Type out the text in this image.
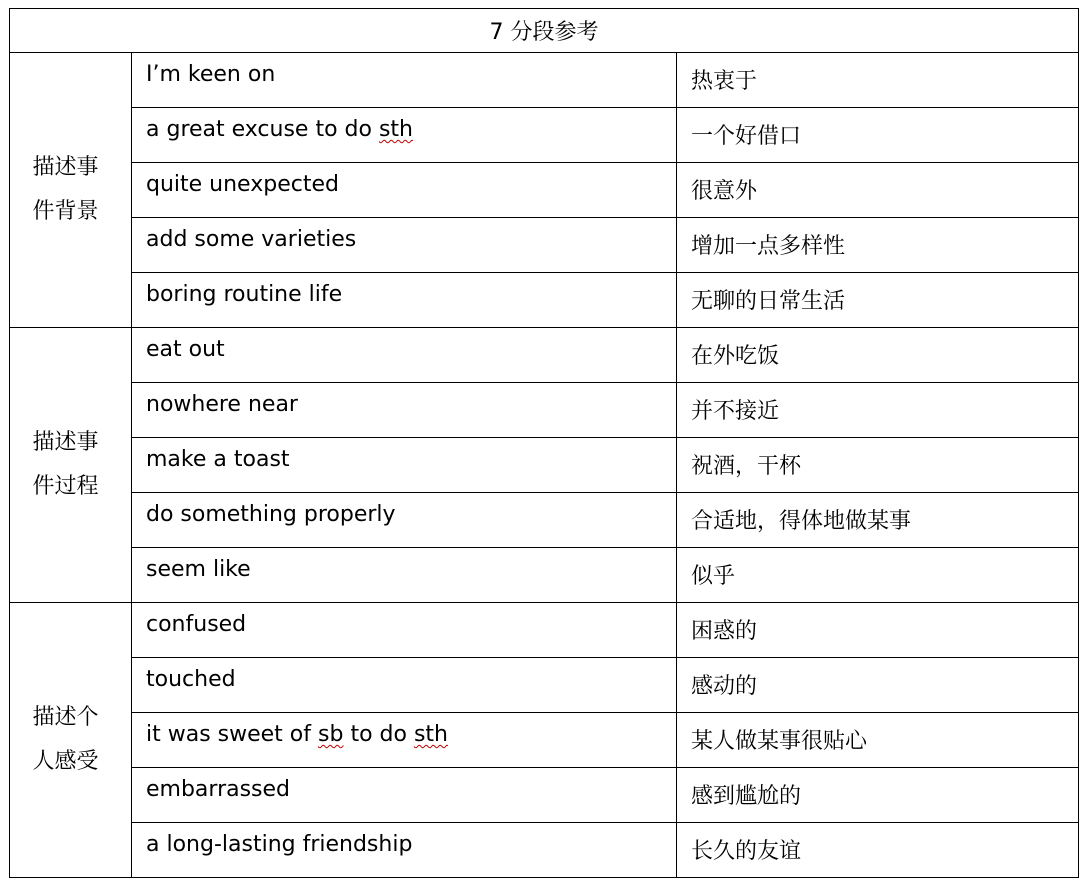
7 分段参考		
描述事件背景	I’m keen on	热衷于
	a great excuse to do sth	一个好借口
	quite unexpected	很意外
	add some varieties	增加一点多样性
	boring routine life	无聊的日常生活
描述事件过程	eat out	在外吃饭
	nowhere near	并不接近
	make a toast	祝酒，干杯
	do something properly	合适地，得体地做某事
	seem like	似乎
描述个人感受	confused	困惑的
	touched	感动的
	it was sweet of sb to do sth	某人做某事很贴心
	embarrassed	感到尴尬的
	a long-lasting friendship	长久的友谊
